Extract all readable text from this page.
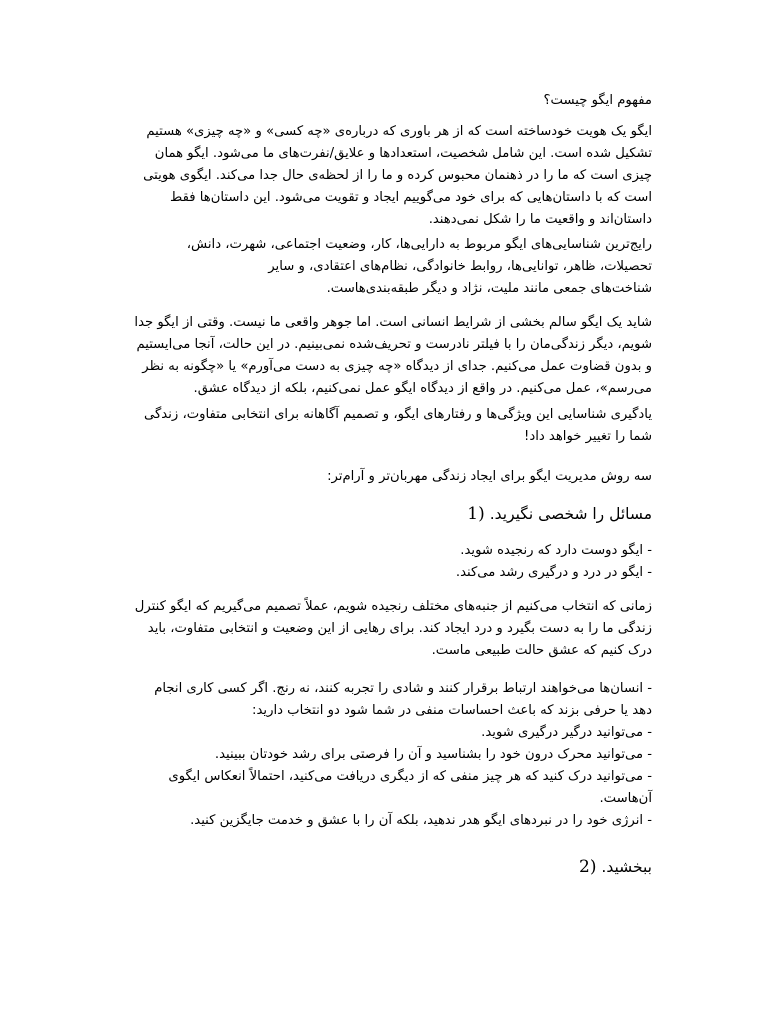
مفهوم ایگو چیست؟
ایگو یک هویت خودساخته است که از هر باوری که درباره‌ی «چه کسی» و «چه چیزی» هستیم
تشکیل شده است. این شامل شخصیت، استعدادها و علایق/نفرت‌های ما می‌شود. ایگو همان
چیزی است که ما را در ذهنمان محبوس کرده و ما را از لحظه‌ی حال جدا می‌کند. ایگوی هویتی
است که با داستان‌هایی که برای خود می‌گوییم ایجاد و تقویت می‌شود. این داستان‌ها فقط
داستان‌اند و واقعیت ما را شکل نمی‌دهند.
رایج‌ترین شناسایی‌های ایگو مربوط به دارایی‌ها، کار، وضعیت اجتماعی، شهرت، دانش،
تحصیلات، ظاهر، توانایی‌ها، روابط خانوادگی، نظام‌های اعتقادی، و سایر
شناخت‌های جمعی مانند ملیت، نژاد و دیگر طبقه‌بندی‌هاست.
شاید یک ایگو سالم بخشی از شرایط انسانی است. اما جوهر واقعی ما نیست. وقتی از ایگو جدا
شویم، دیگر زندگی‌مان را با فیلتر نادرست و تحریف‌شده نمی‌بینیم. در این حالت، آنجا می‌ایستیم
و بدون قضاوت عمل می‌کنیم. جدای از دیدگاه «چه چیزی به دست می‌آورم» یا «چگونه به نظر
می‌رسم»، عمل می‌کنیم. در واقع از دیدگاه ایگو عمل نمی‌کنیم، بلکه از دیدگاه عشق.
یادگیری شناسایی این ویژگی‌ها و رفتارهای ایگو، و تصمیم آگاهانه برای انتخابی متفاوت، زندگی
شما را تغییر خواهد داد!
سه روش مدیریت ایگو برای ایجاد زندگی مهربان‌تر و آرام‌تر:
مسائل را شخصی نگیرید. 1)
- ایگو دوست دارد که رنجیده شوید.
- ایگو در درد و درگیری رشد می‌کند.
زمانی که انتخاب می‌کنیم از جنبه‌های مختلف رنجیده شویم، عملاً تصمیم می‌گیریم که ایگو کنترل
زندگی ما را به دست بگیرد و درد ایجاد کند. برای رهایی از این وضعیت و انتخابی متفاوت، باید
درک کنیم که عشق حالت طبیعی ماست.
- انسان‌ها می‌خواهند ارتباط برقرار کنند و شادی را تجربه کنند، نه رنج. اگر کسی کاری انجام
دهد یا حرفی بزند که باعث احساسات منفی در شما شود دو انتخاب دارید:
- می‌توانید درگیر درگیری شوید.
- می‌توانید محرک درون خود را بشناسید و آن را فرصتی برای رشد خودتان ببینید.
- می‌توانید درک کنید که هر چیز منفی که از دیگری دریافت می‌کنید، احتمالاً انعکاس ایگوی
آن‌هاست.
- انرژی خود را در نبردهای ایگو هدر ندهید، بلکه آن را با عشق و خدمت جایگزین کنید.
ببخشید. 2)
